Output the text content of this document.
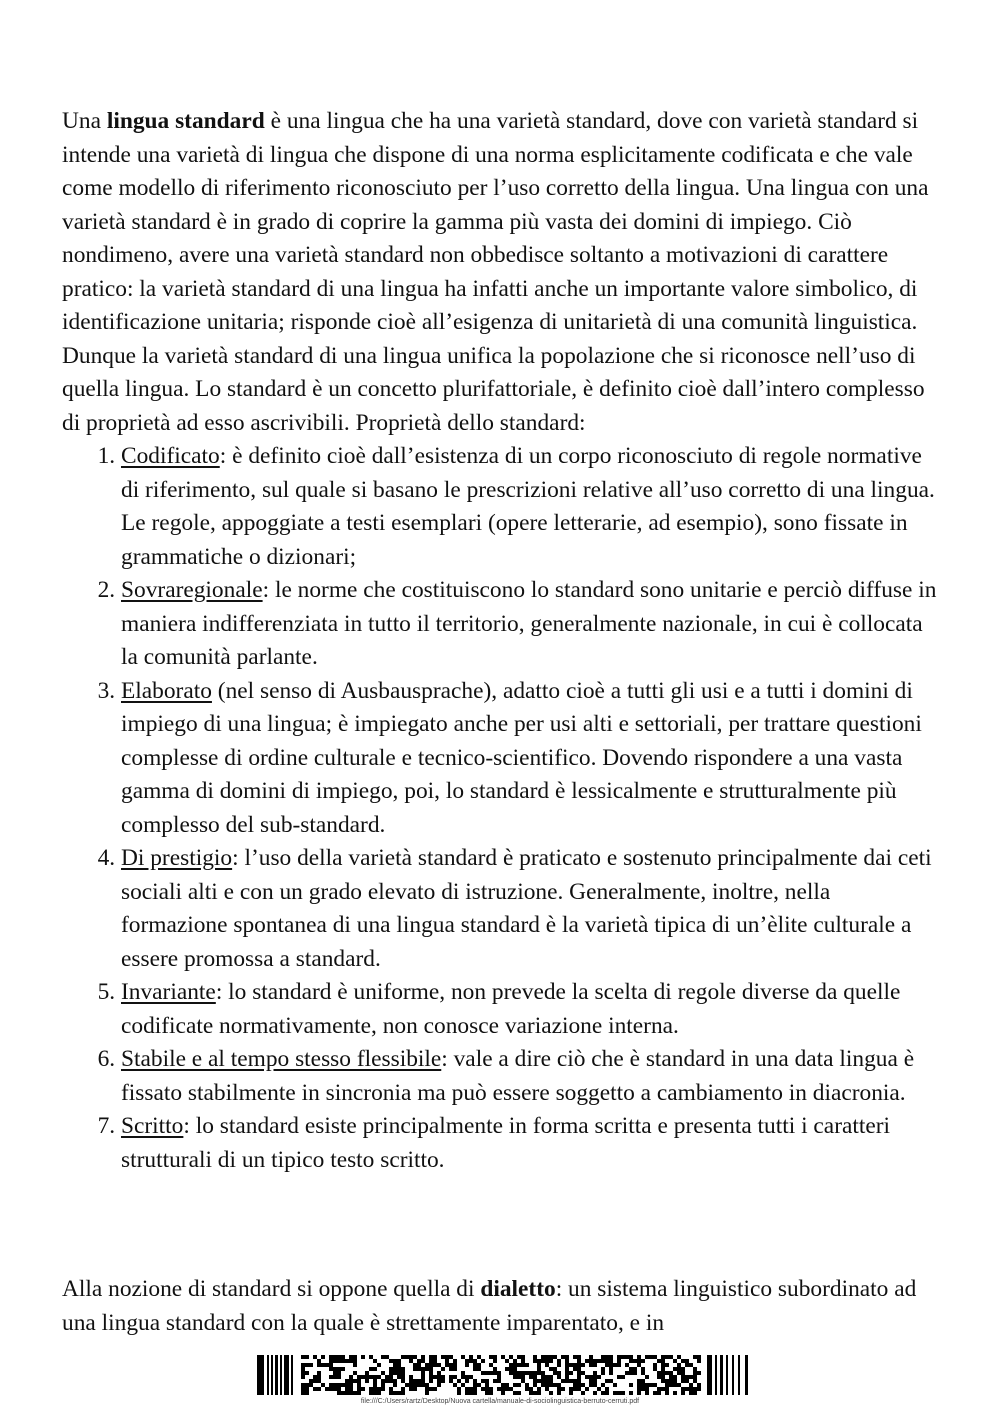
Una lingua standard è una lingua che ha una varietà standard, dove con varietà standard si intende una varietà di lingua che dispone di una norma esplicitamente codificata e che vale come modello di riferimento riconosciuto per l’uso corretto della lingua. Una lingua con una varietà standard è in grado di coprire la gamma più vasta dei domini di impiego. Ciò nondimeno, avere una varietà standard non obbedisce soltanto a motivazioni di carattere pratico: la varietà standard di una lingua ha infatti anche un importante valore simbolico, di identificazione unitaria; risponde cioè all’esigenza di unitarietà di una comunità linguistica. Dunque la varietà standard di una lingua unifica la popolazione che si riconosce nell’uso di quella lingua. Lo standard è un concetto plurifattoriale, è definito cioè dall’intero complesso di proprietà ad esso ascrivibili. Proprietà dello standard:

1. Codificato: è definito cioè dall’esistenza di un corpo riconosciuto di regole normative di riferimento, sul quale si basano le prescrizioni relative all’uso corretto di una lingua. Le regole, appoggiate a testi esemplari (opere letterarie, ad esempio), sono fissate in grammatiche o dizionari;
2. Sovraregionale: le norme che costituiscono lo standard sono unitarie e perciò diffuse in maniera indifferenziata in tutto il territorio, generalmente nazionale, in cui è collocata la comunità parlante.
3. Elaborato (nel senso di Ausbausprache), adatto cioè a tutti gli usi e a tutti i domini di impiego di una lingua; è impiegato anche per usi alti e settoriali, per trattare questioni complesse di ordine culturale e tecnico-scientifico. Dovendo rispondere a una vasta gamma di domini di impiego, poi, lo standard è lessicalmente e strutturalmente più complesso del sub-standard.
4. Di prestigio: l’uso della varietà standard è praticato e sostenuto principalmente dai ceti sociali alti e con un grado elevato di istruzione. Generalmente, inoltre, nella formazione spontanea di una lingua standard è la varietà tipica di un’èlite culturale a essere promossa a standard.
5. Invariante: lo standard è uniforme, non prevede la scelta di regole diverse da quelle codificate normativamente, non conosce variazione interna.
6. Stabile e al tempo stesso flessibile: vale a dire ciò che è standard in una data lingua è fissato stabilmente in sincronia ma può essere soggetto a cambiamento in diacronia.
7. Scritto: lo standard esiste principalmente in forma scritta e presenta tutti i caratteri strutturali di un tipico testo scritto.

Alla nozione di standard si oppone quella di dialetto: un sistema linguistico subordinato ad una lingua standard con la quale è strettamente imparentato, e in

file:///C:/Users/rartz/Desktop/Nuova cartella/manuale-di-sociolinguistica-berruto-cerruti.pdf
